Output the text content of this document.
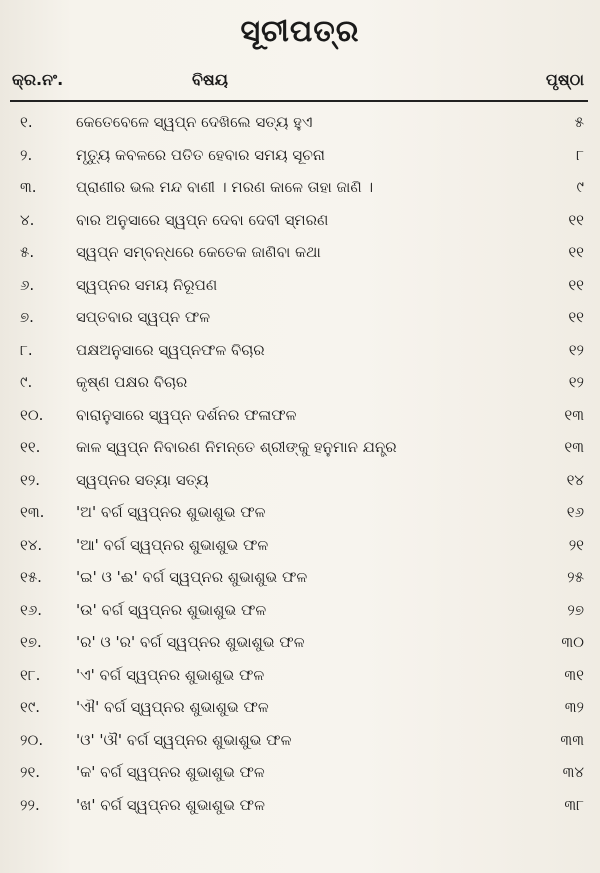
ସୂଚୀପତ୍ର
କ୍ର.ନଂ.	ବିଷୟ	ପୃଷ୍ଠା
୧.	କେତେବେଳେ ସ୍ୱପ୍ନ ଦେଖିଲେ ସତ୍ୟ ହୁଏ	୫
୨.	ମୃତ୍ୟୁ କବଳରେ ପତିତ ହେବାର ସମୟ ସୂଚନା	୮
୩.	ପ୍ରାଣୀର ଭଲ ମନ୍ଦ ବାଣୀ । ମରଣ କାଳେ ତାହା ଜାଣି ।	୯
୪.	ବାର ଅନୁସାରେ ସ୍ୱପ୍ନ ଦେବା ଦେବୀ ସ୍ମରଣ	୧୧
୫.	ସ୍ୱପ୍ନ ସମ୍ବନ୍ଧରେ କେତେକ ଜାଣିବା କଥା	୧୧
୬.	ସ୍ୱପ୍ନର ସମୟ ନିରୂପଣ	୧୧
୭.	ସପ୍ତବାର ସ୍ୱପ୍ନ ଫଳ	୧୧
୮.	ପକ୍ଷଅନୁସାରେ ସ୍ୱପ୍ନଫଳ ବିଚାର	୧୨
୯.	କୃଷ୍ଣ ପକ୍ଷର ବିଚାର	୧୨
୧୦.	ବାରାନୁସାରେ ସ୍ୱପ୍ନ ଦର୍ଶନର ଫଳାଫଳ	୧୩
୧୧.	କାଳ ସ୍ୱପ୍ନ ନିବାରଣ ନିମନ୍ତେ ଶ୍ରୀଙ୍କୁ ହନୁମାନ ଯନ୍ତ୍ର	୧୩
୧୨.	ସ୍ୱପ୍ନର ସତ୍ୟା ସତ୍ୟ	୧୪
୧୩.	'ଅ' ବର୍ଗ ସ୍ୱପ୍ନର ଶୁଭାଶୁଭ ଫଳ	୧୬
୧୪.	'ଆ' ବର୍ଗ ସ୍ୱପ୍ନର ଶୁଭାଶୁଭ ଫଳ	୨୧
୧୫.	'ଇ' ଓ 'ଈ' ବର୍ଗ ସ୍ୱପ୍ନର ଶୁଭାଶୁଭ ଫଳ	୨୫
୧୬.	'ଉ' ବର୍ଗ ସ୍ୱପ୍ନର ଶୁଭାଶୁଭ ଫଳ	୨୭
୧୭.	'ର' ଓ 'ର' ବର୍ଗ ସ୍ୱପ୍ନର ଶୁଭାଶୁଭ ଫଳ	୩୦
୧୮.	'ଏ' ବର୍ଗ ସ୍ୱପ୍ନର ଶୁଭାଶୁଭ ଫଳ	୩୧
୧୯.	'ଐ' ବର୍ଗ ସ୍ୱପ୍ନର ଶୁଭାଶୁଭ ଫଳ	୩୨
୨୦.	'ଓ' 'ଔ' ବର୍ଗ ସ୍ୱପ୍ନର ଶୁଭାଶୁଭ ଫଳ	୩୩
୨୧.	'କ' ବର୍ଗ ସ୍ୱପ୍ନର ଶୁଭାଶୁଭ ଫଳ	୩୪
୨୨.	'ଖ' ବର୍ଗ ସ୍ୱପ୍ନର ଶୁଭାଶୁଭ ଫଳ	୩୮
